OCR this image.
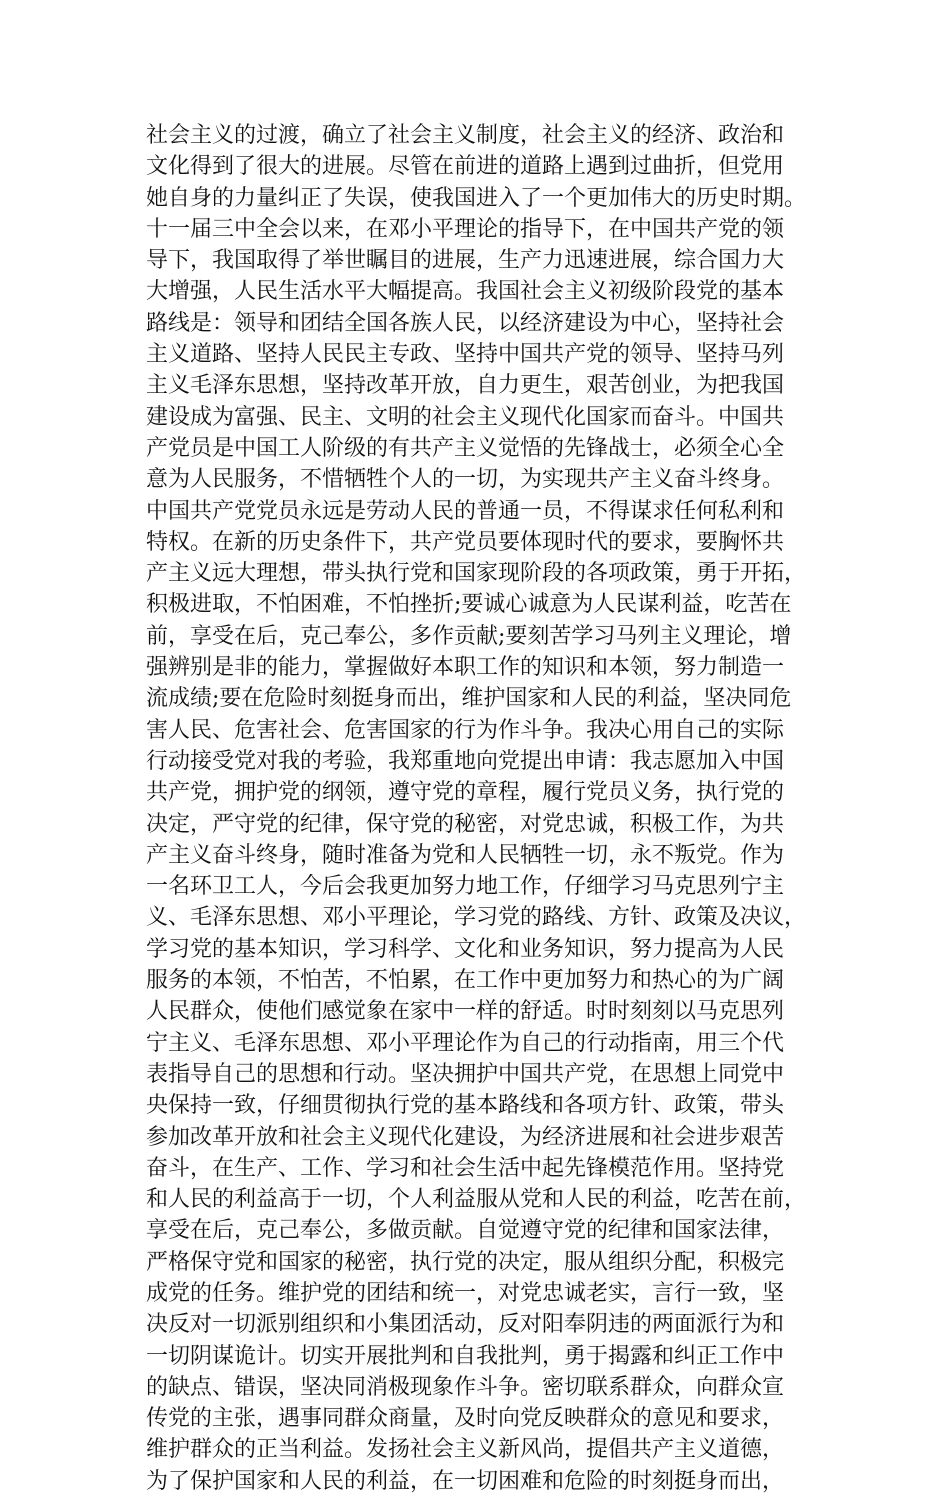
社会主义的过渡，确立了社会主义制度，社会主义的经济、政治和
文化得到了很大的进展。尽管在前进的道路上遇到过曲折，但党用
她自身的力量纠正了失误，使我国进入了一个更加伟大的历史时期。
十一届三中全会以来，在邓小平理论的指导下，在中国共产党的领
导下，我国取得了举世瞩目的进展，生产力迅速进展，综合国力大
大增强，人民生活水平大幅提高。我国社会主义初级阶段党的基本
路线是：领导和团结全国各族人民，以经济建设为中心，坚持社会
主义道路、坚持人民民主专政、坚持中国共产党的领导、坚持马列
主义毛泽东思想，坚持改革开放，自力更生，艰苦创业，为把我国
建设成为富强、民主、文明的社会主义现代化国家而奋斗。中国共
产党员是中国工人阶级的有共产主义觉悟的先锋战士，必须全心全
意为人民服务，不惜牺牲个人的一切，为实现共产主义奋斗终身。
中国共产党党员永远是劳动人民的普通一员，不得谋求任何私利和
特权。在新的历史条件下，共产党员要体现时代的要求，要胸怀共
产主义远大理想，带头执行党和国家现阶段的各项政策，勇于开拓，
积极进取，不怕困难，不怕挫折;要诚心诚意为人民谋利益，吃苦在
前，享受在后，克己奉公，多作贡献;要刻苦学习马列主义理论，增
强辨别是非的能力，掌握做好本职工作的知识和本领，努力制造一
流成绩;要在危险时刻挺身而出，维护国家和人民的利益，坚决同危
害人民、危害社会、危害国家的行为作斗争。我决心用自己的实际
行动接受党对我的考验，我郑重地向党提出申请：我志愿加入中国
共产党，拥护党的纲领，遵守党的章程，履行党员义务，执行党的
决定，严守党的纪律，保守党的秘密，对党忠诚，积极工作，为共
产主义奋斗终身，随时准备为党和人民牺牲一切，永不叛党。作为
一名环卫工人，今后会我更加努力地工作，仔细学习马克思列宁主
义、毛泽东思想、邓小平理论，学习党的路线、方针、政策及决议，
学习党的基本知识，学习科学、文化和业务知识，努力提高为人民
服务的本领，不怕苦，不怕累，在工作中更加努力和热心的为广阔
人民群众，使他们感觉象在家中一样的舒适。时时刻刻以马克思列
宁主义、毛泽东思想、邓小平理论作为自己的行动指南，用三个代
表指导自己的思想和行动。坚决拥护中国共产党，在思想上同党中
央保持一致，仔细贯彻执行党的基本路线和各项方针、政策，带头
参加改革开放和社会主义现代化建设，为经济进展和社会进步艰苦
奋斗，在生产、工作、学习和社会生活中起先锋模范作用。坚持党
和人民的利益高于一切，个人利益服从党和人民的利益，吃苦在前，
享受在后，克己奉公，多做贡献。自觉遵守党的纪律和国家法律，
严格保守党和国家的秘密，执行党的决定，服从组织分配，积极完
成党的任务。维护党的团结和统一，对党忠诚老实，言行一致，坚
决反对一切派别组织和小集团活动，反对阳奉阴违的两面派行为和
一切阴谋诡计。切实开展批判和自我批判，勇于揭露和纠正工作中
的缺点、错误，坚决同消极现象作斗争。密切联系群众，向群众宣
传党的主张，遇事同群众商量，及时向党反映群众的意见和要求，
维护群众的正当利益。发扬社会主义新风尚，提倡共产主义道德，
为了保护国家和人民的利益，在一切困难和危险的时刻挺身而出，
